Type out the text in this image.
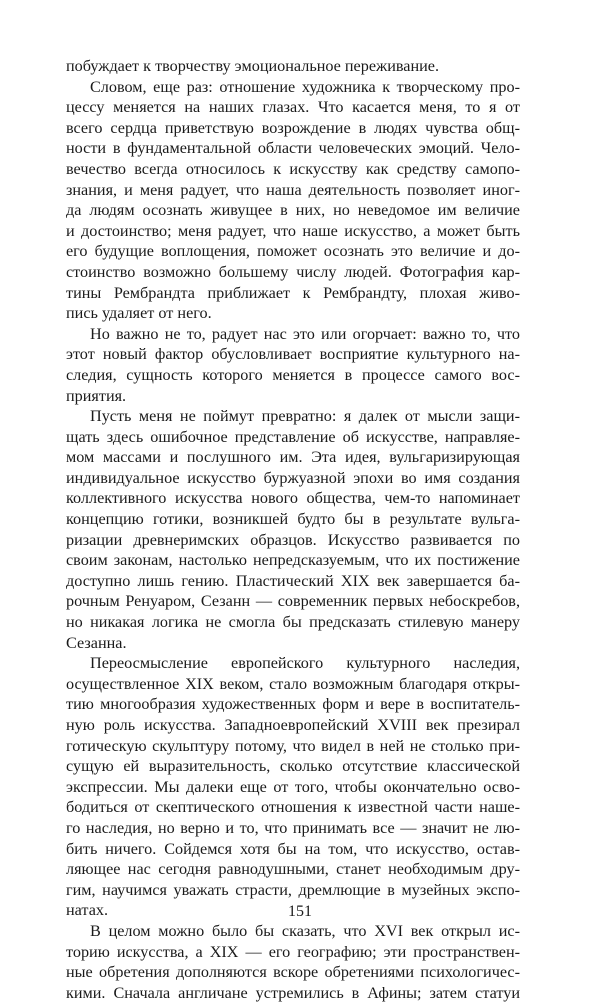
побуждает к творчеству эмоциональное переживание.

Словом, еще раз: отношение художника к творческому про-
цессу меняется на наших глазах. Что касается меня, то я от
всего сердца приветствую возрождение в людях чувства общ-
ности в фундаментальной области человеческих эмоций. Чело-
вечество всегда относилось к искусству как средству самопо-
знания, и меня радует, что наша деятельность позволяет иног-
да людям осознать живущее в них, но неведомое им величие
и достоинство; меня радует, что наше искусство, а может быть
его будущие воплощения, поможет осознать это величие и до-
стоинство возможно большему числу людей. Фотография кар-
тины Рембрандта приближает к Рембрандту, плохая живо-
пись удаляет от него.

Но важно не то, радует нас это или огорчает: важно то, что
этот новый фактор обусловливает восприятие культурного на-
следия, сущность которого меняется в процессе самого вос-
приятия.

Пусть меня не поймут превратно: я далек от мысли защи-
щать здесь ошибочное представление об искусстве, направляе-
мом массами и послушного им. Эта идея, вульгаризирующая
индивидуальное искусство буржуазной эпохи во имя создания
коллективного искусства нового общества, чем-то напоминает
концепцию готики, возникшей будто бы в результате вульга-
ризации древнеримских образцов. Искусство развивается по
своим законам, настолько непредсказуемым, что их постижение
доступно лишь гению. Пластический XIX век завершается ба-
рочным Ренуаром, Сезанн — современник первых небоскребов,
но никакая логика не смогла бы предсказать стилевую манеру
Сезанна.

Переосмысление европейского культурного наследия,
осуществленное XIX веком, стало возможным благодаря откры-
тию многообразия художественных форм и вере в воспитатель-
ную роль искусства. Западноевропейский XVIII век презирал
готическую скульптуру потому, что видел в ней не столько при-
сущую ей выразительность, сколько отсутствие классической
экспрессии. Мы далеки еще от того, чтобы окончательно осво-
бодиться от скептического отношения к известной части наше-
го наследия, но верно и то, что принимать все — значит не лю-
бить ничего. Сойдемся хотя бы на том, что искусство, остав-
ляющее нас сегодня равнодушными, станет необходимым дру-
гим, научимся уважать страсти, дремлющие в музейных экспо-
натах.

В целом можно было бы сказать, что XVI век открыл ис-
торию искусства, а XIX — его географию; эти пространствен-
ные обретения дополняются вскоре обретениями психологичес-
кими. Сначала англичане устремились в Афины; затем статуи

151
